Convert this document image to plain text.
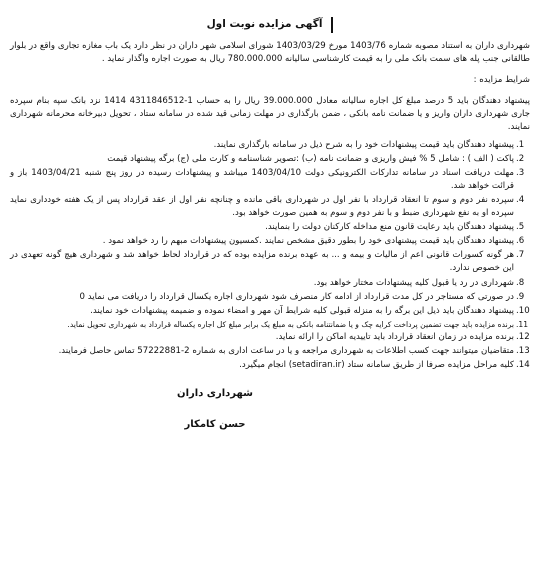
آگهی مزایده نوبت اول

شهرداری داران به استناد مصوبه شماره 1403/76 مورخ 1403/03/29 شورای اسلامی شهر داران در نظر دارد یک باب مغازه تجاری واقع در بلوار طالقانی جنب پله های سمت بانک ملی را به قیمت کارشناسی سالیانه 780.000.000 ریال به صورت اجاره واگذار نماید .

شرایط مزایده :

پیشنهاد دهندگان باید 5 درصد مبلغ کل اجاره سالیانه معادل 39.000.000 ریال را به حساب 1-4311846512 1414 نزد بانک سپه بنام سپرده جاری شهرداری داران واریز و یا ضمانت نامه بانکی ، ضمن بارگذاری در مهلت زمانی قید شده در سامانه ستاد ، تحویل دبیرخانه محرمانه شهرداری نمایند.

1.
پیشنهاد دهندگان باید قیمت پیشنهادات خود را به شرح ذیل در سامانه بارگذاری نمایند.
2.
پاکت ( الف ) : شامل 5 % فیش واریزی و ضمانت نامه (ب) :تصویر شناسنامه و کارت ملی (ج) برگه پیشنهاد قیمت
3.
مهلت دریافت اسناد در سامانه تدارکات الکترونیکی دولت 1403/04/10 میباشد و پیشنهادات رسیده در روز پنج شنبه 1403/04/21 باز و قرائت خواهد شد.
4.
سپرده نفر دوم و سوم تا انعقاد قرارداد با نفر اول در شهرداری باقی مانده و چنانچه نفر اول از عقد قرارداد پس از یک هفته خودداری نماید سپرده او به نفع شهرداری ضبط و با نفر دوم و سوم به همین صورت خواهد بود.
5.
پیشنهاد دهندگان باید رعایت قانون منع مداخله کارکنان دولت را بنمایند.
6.
پیشنهاد دهندگان باید قیمت پیشنهادی خود را بطور دقیق مشخص نمایند .کمسیون پیشنهادات مبهم را رد خواهد نمود .
7.
هر گونه کسورات قانونی اعم از مالیات و بیمه و ... به عهده برنده مزایده بوده که در قرارداد لحاظ خواهد شد و شهرداری هیچ گونه تعهدی در این خصوص ندارد.
8.
شهرداری در رد یا قبول کلیه پیشنهادات مختار خواهد بود.
9.
در صورتی که مستاجر در کل مدت قرارداد از ادامه کار منصرف شود شهرداری اجاره یکسال قرارداد را دریافت می نماید 0
10.
پیشنهاد دهندگان باید ذیل این برگه را به منزله قبولی کلیه شرایط آن مهر و امضاء نموده و ضمیمه پیشنهادات خود نمایند.
11.
برنده مزایده باید جهت تضمین پرداخت کرایه چک و یا ضمانتنامه بانکی به مبلغ یک برابر مبلغ کل اجاره یکساله قرارداد به شهرداری تحویل نماید.
12.
برنده مزایده در زمان انعقاد قرارداد باید تاییدیه اماکن را ارائه نماید.
13.
متقاضیان میتوانند جهت کسب اطلاعات به شهرداری مراجعه و یا در ساعت اداری به شماره 2-57222881 تماس حاصل فرمایند.
14.
کلیه مراحل مزایده صرفا از طریق سامانه ستاد (setadiran.ir) انجام میگیرد.
شهرداری داران
حسن کامکار
